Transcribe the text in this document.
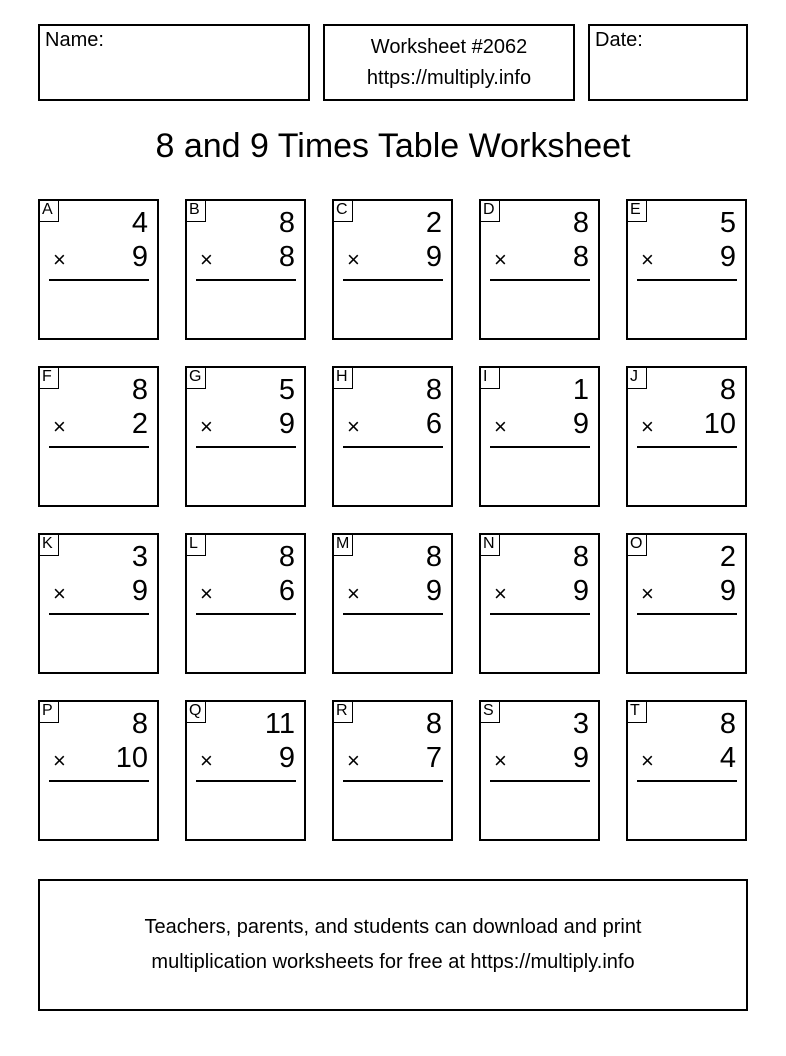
Name:	Worksheet #2062
https://multiply.info
Date:
8 and 9 Times Table Worksheet
A	4
× 9
B	8
× 8
C	2
× 9
D	8
× 8
E	5
× 9
F	8
× 2
G	5
× 9
H	8
× 6
I	1
× 9
J	8
× 10
K	3
× 9
L	8
× 6
M	8
× 9
N	8
× 9
O	2
× 9
P	8
× 10
Q 11
× 9
R	8
× 7
S	3
× 9
T	8
× 4
Teachers, parents, and students can download and print
multiplication worksheets for free at https://multiply.info
